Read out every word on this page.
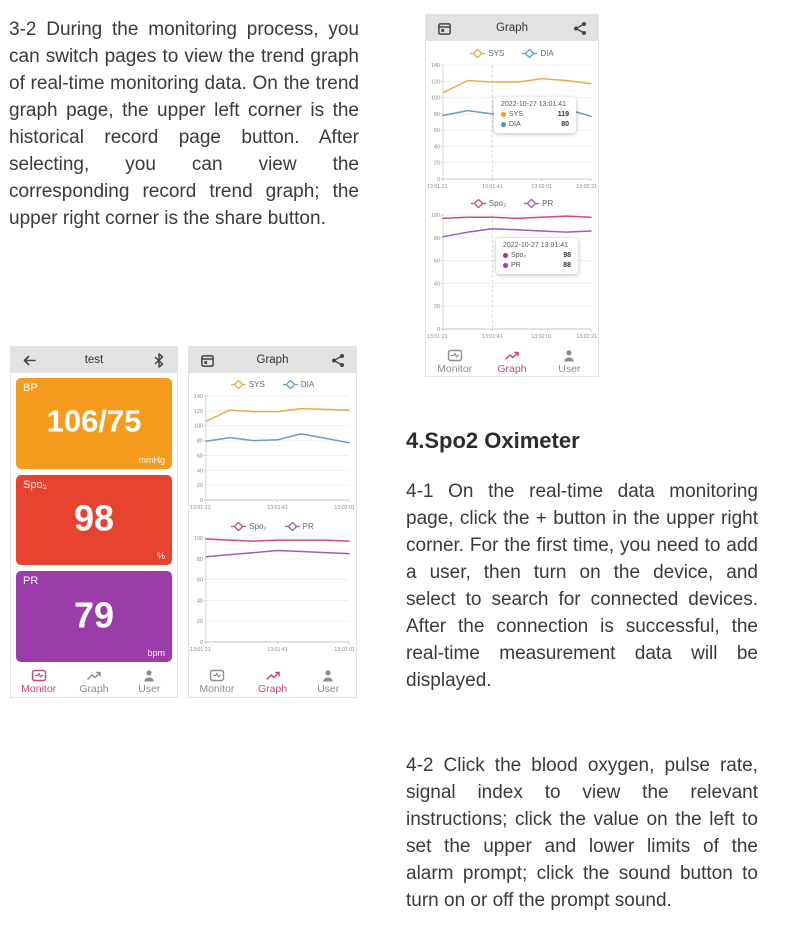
3-2 During the monitoring process, you can switch pages to view the trend graph of real-time monitoring data. On the trend graph page, the upper left corner is the historical record page button. After selecting, you can view the corresponding record trend graph; the upper right corner is the share button.

test
BP
106/75
mmHg
Spo₂
98
%
PR
79
bpm
Monitor Graph	User
Graph
SYS	DIA
0
20
40
60
80
100
120
140
13:01:21	13:01:41	13:02:01
Spo₂	PR
0
20
40
60
80
100
13:01:21	13:01:41	13:02:01
Monitor Graph	User
Graph
SYS	DIA
0
20
40
60
80
100
120
140
13:01:21	13:01:41	13:02:01	13:02:21
Spo₂	PR
0
20
40
60
80
100
13:01:21	13:01:41	13:02:01	13:02:21
2022-10-27 13:01:41
SYS	119
DIA	80
2022-10-27 13:01:41
Spo₂	98
PR	88
Monitor Graph	User
4.Spo2 Oximeter

4-1 On the real-time data monitoring page, click the + button in the upper right corner. For the first time, you need to add a user, then turn on the device, and select to search for connected devices. After the connection is successful, the real-time measurement data will be displayed.

4-2 Click the blood oxygen, pulse rate, signal index to view the relevant instructions; click the value on the left to set the upper and lower limits of the alarm prompt; click the sound button to turn on or off the prompt sound.
